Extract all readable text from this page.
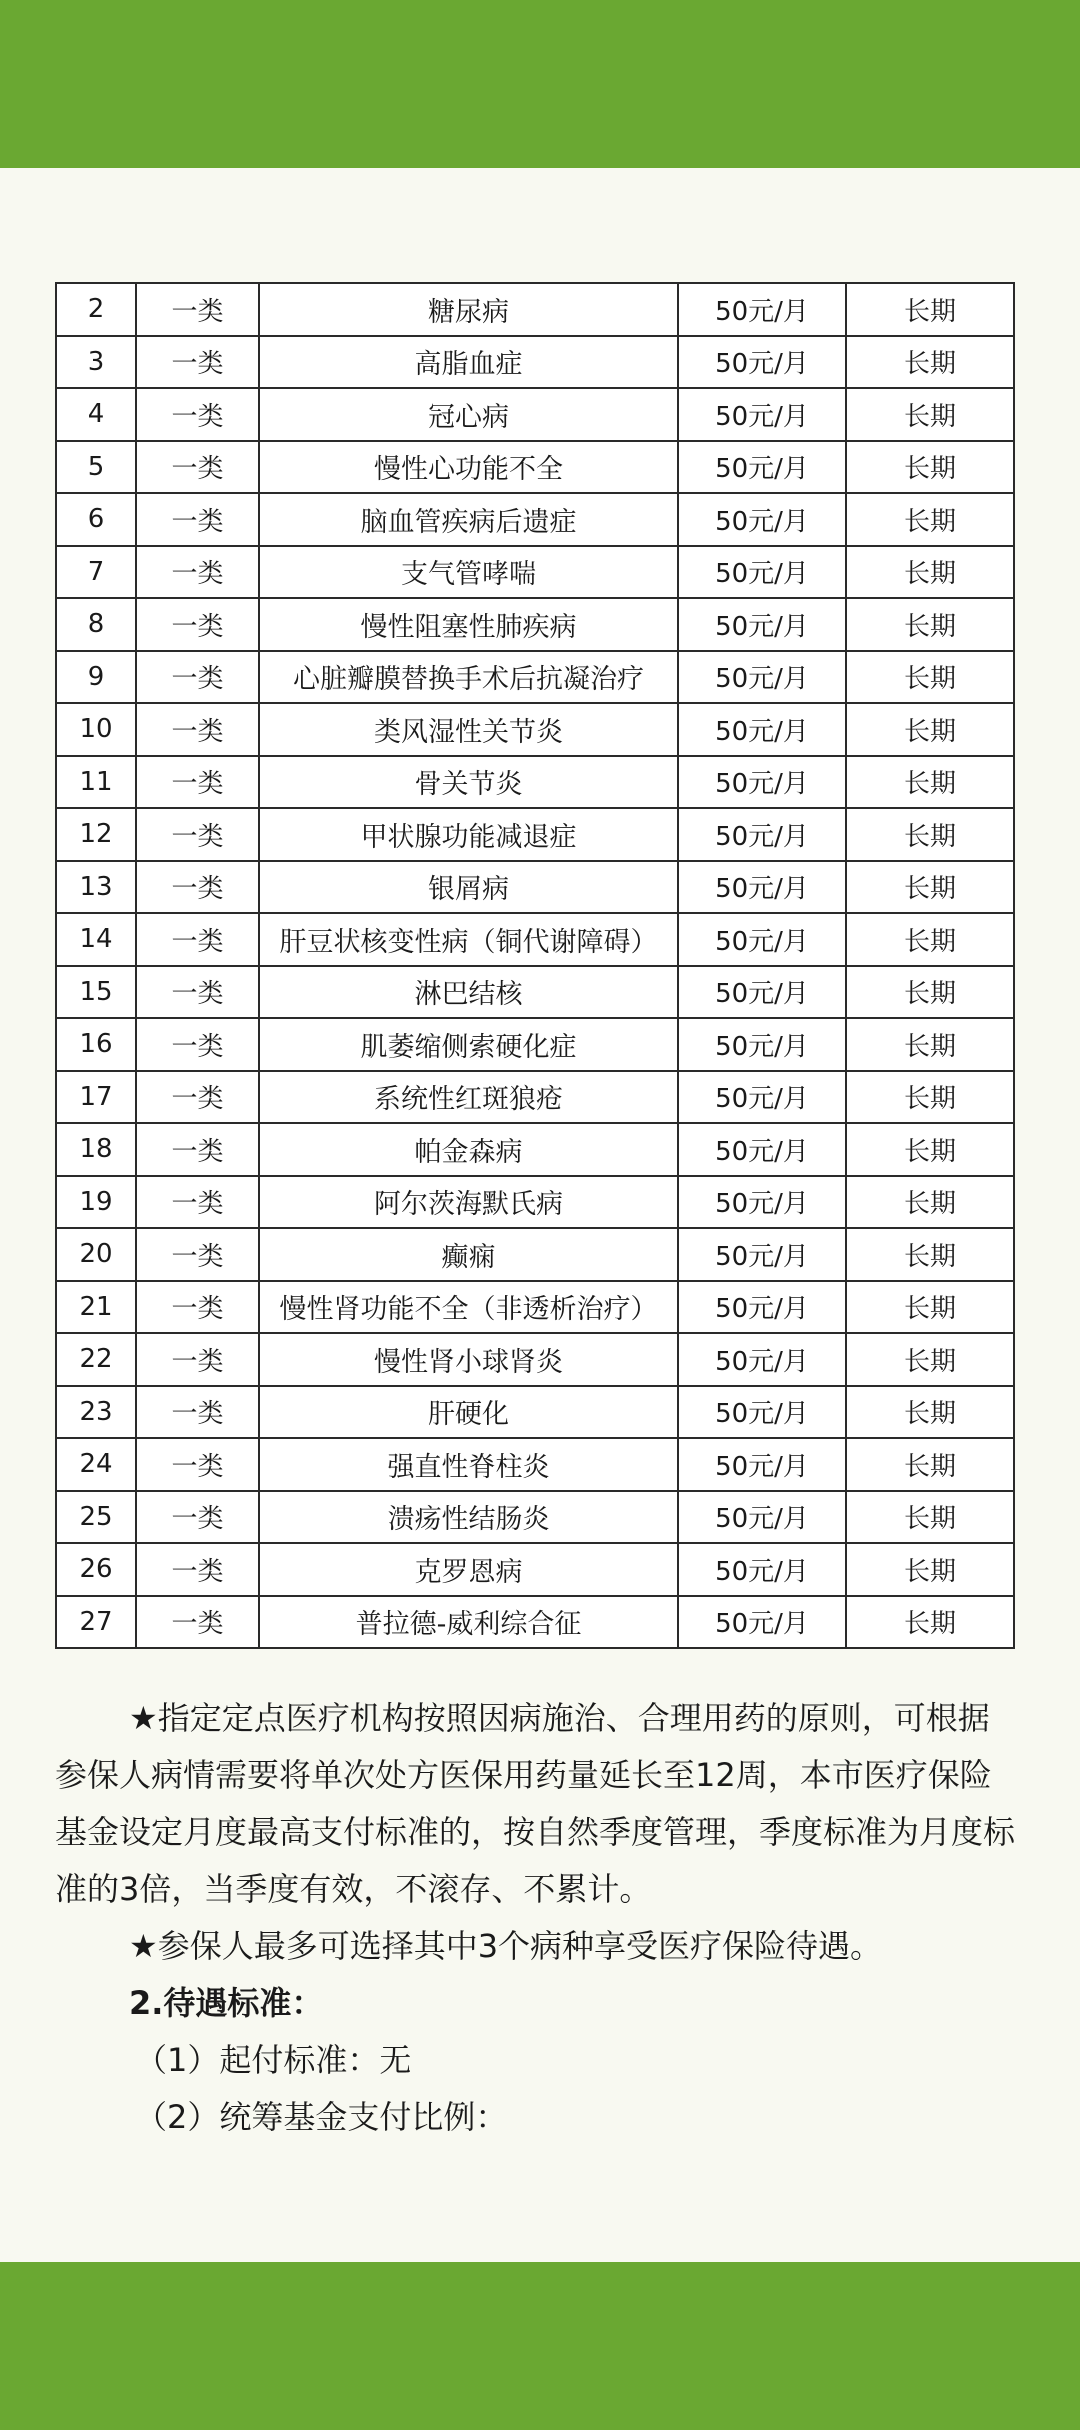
2	一类	糖尿病	50元/月	长期
3	一类	高脂血症	50元/月	长期
4	一类	冠心病	50元/月	长期
5	一类	慢性心功能不全	50元/月	长期
6	一类	脑血管疾病后遗症	50元/月	长期
7	一类	支气管哮喘	50元/月	长期
8	一类	慢性阻塞性肺疾病	50元/月	长期
9	一类	心脏瓣膜替换手术后抗凝治疗	50元/月	长期
10	一类	类风湿性关节炎	50元/月	长期
11	一类	骨关节炎	50元/月	长期
12	一类	甲状腺功能减退症	50元/月	长期
13	一类	银屑病	50元/月	长期
14	一类	肝豆状核变性病（铜代谢障碍）	50元/月	长期
15	一类	淋巴结核	50元/月	长期
16	一类	肌萎缩侧索硬化症	50元/月	长期
17	一类	系统性红斑狼疮	50元/月	长期
18	一类	帕金森病	50元/月	长期
19	一类	阿尔茨海默氏病	50元/月	长期
20	一类	癫痫	50元/月	长期
21	一类	慢性肾功能不全（非透析治疗）	50元/月	长期
22	一类	慢性肾小球肾炎	50元/月	长期
23	一类	肝硬化	50元/月	长期
24	一类	强直性脊柱炎	50元/月	长期
25	一类	溃疡性结肠炎	50元/月	长期
26	一类	克罗恩病	50元/月	长期
27	一类	普拉德-威利综合征	50元/月	长期

★指定定点医疗机构按照因病施治、合理用药的原则，可根据参保人病情需要将单次处方医保用药量延长至12周，本市医疗保险基金设定月度最高支付标准的，按自然季度管理，季度标准为月度标准的3倍，当季度有效，不滚存、不累计。

★参保人最多可选择其中3个病种享受医疗保险待遇。

2.待遇标准：

（1）起付标准：无

（2）统筹基金支付比例：
